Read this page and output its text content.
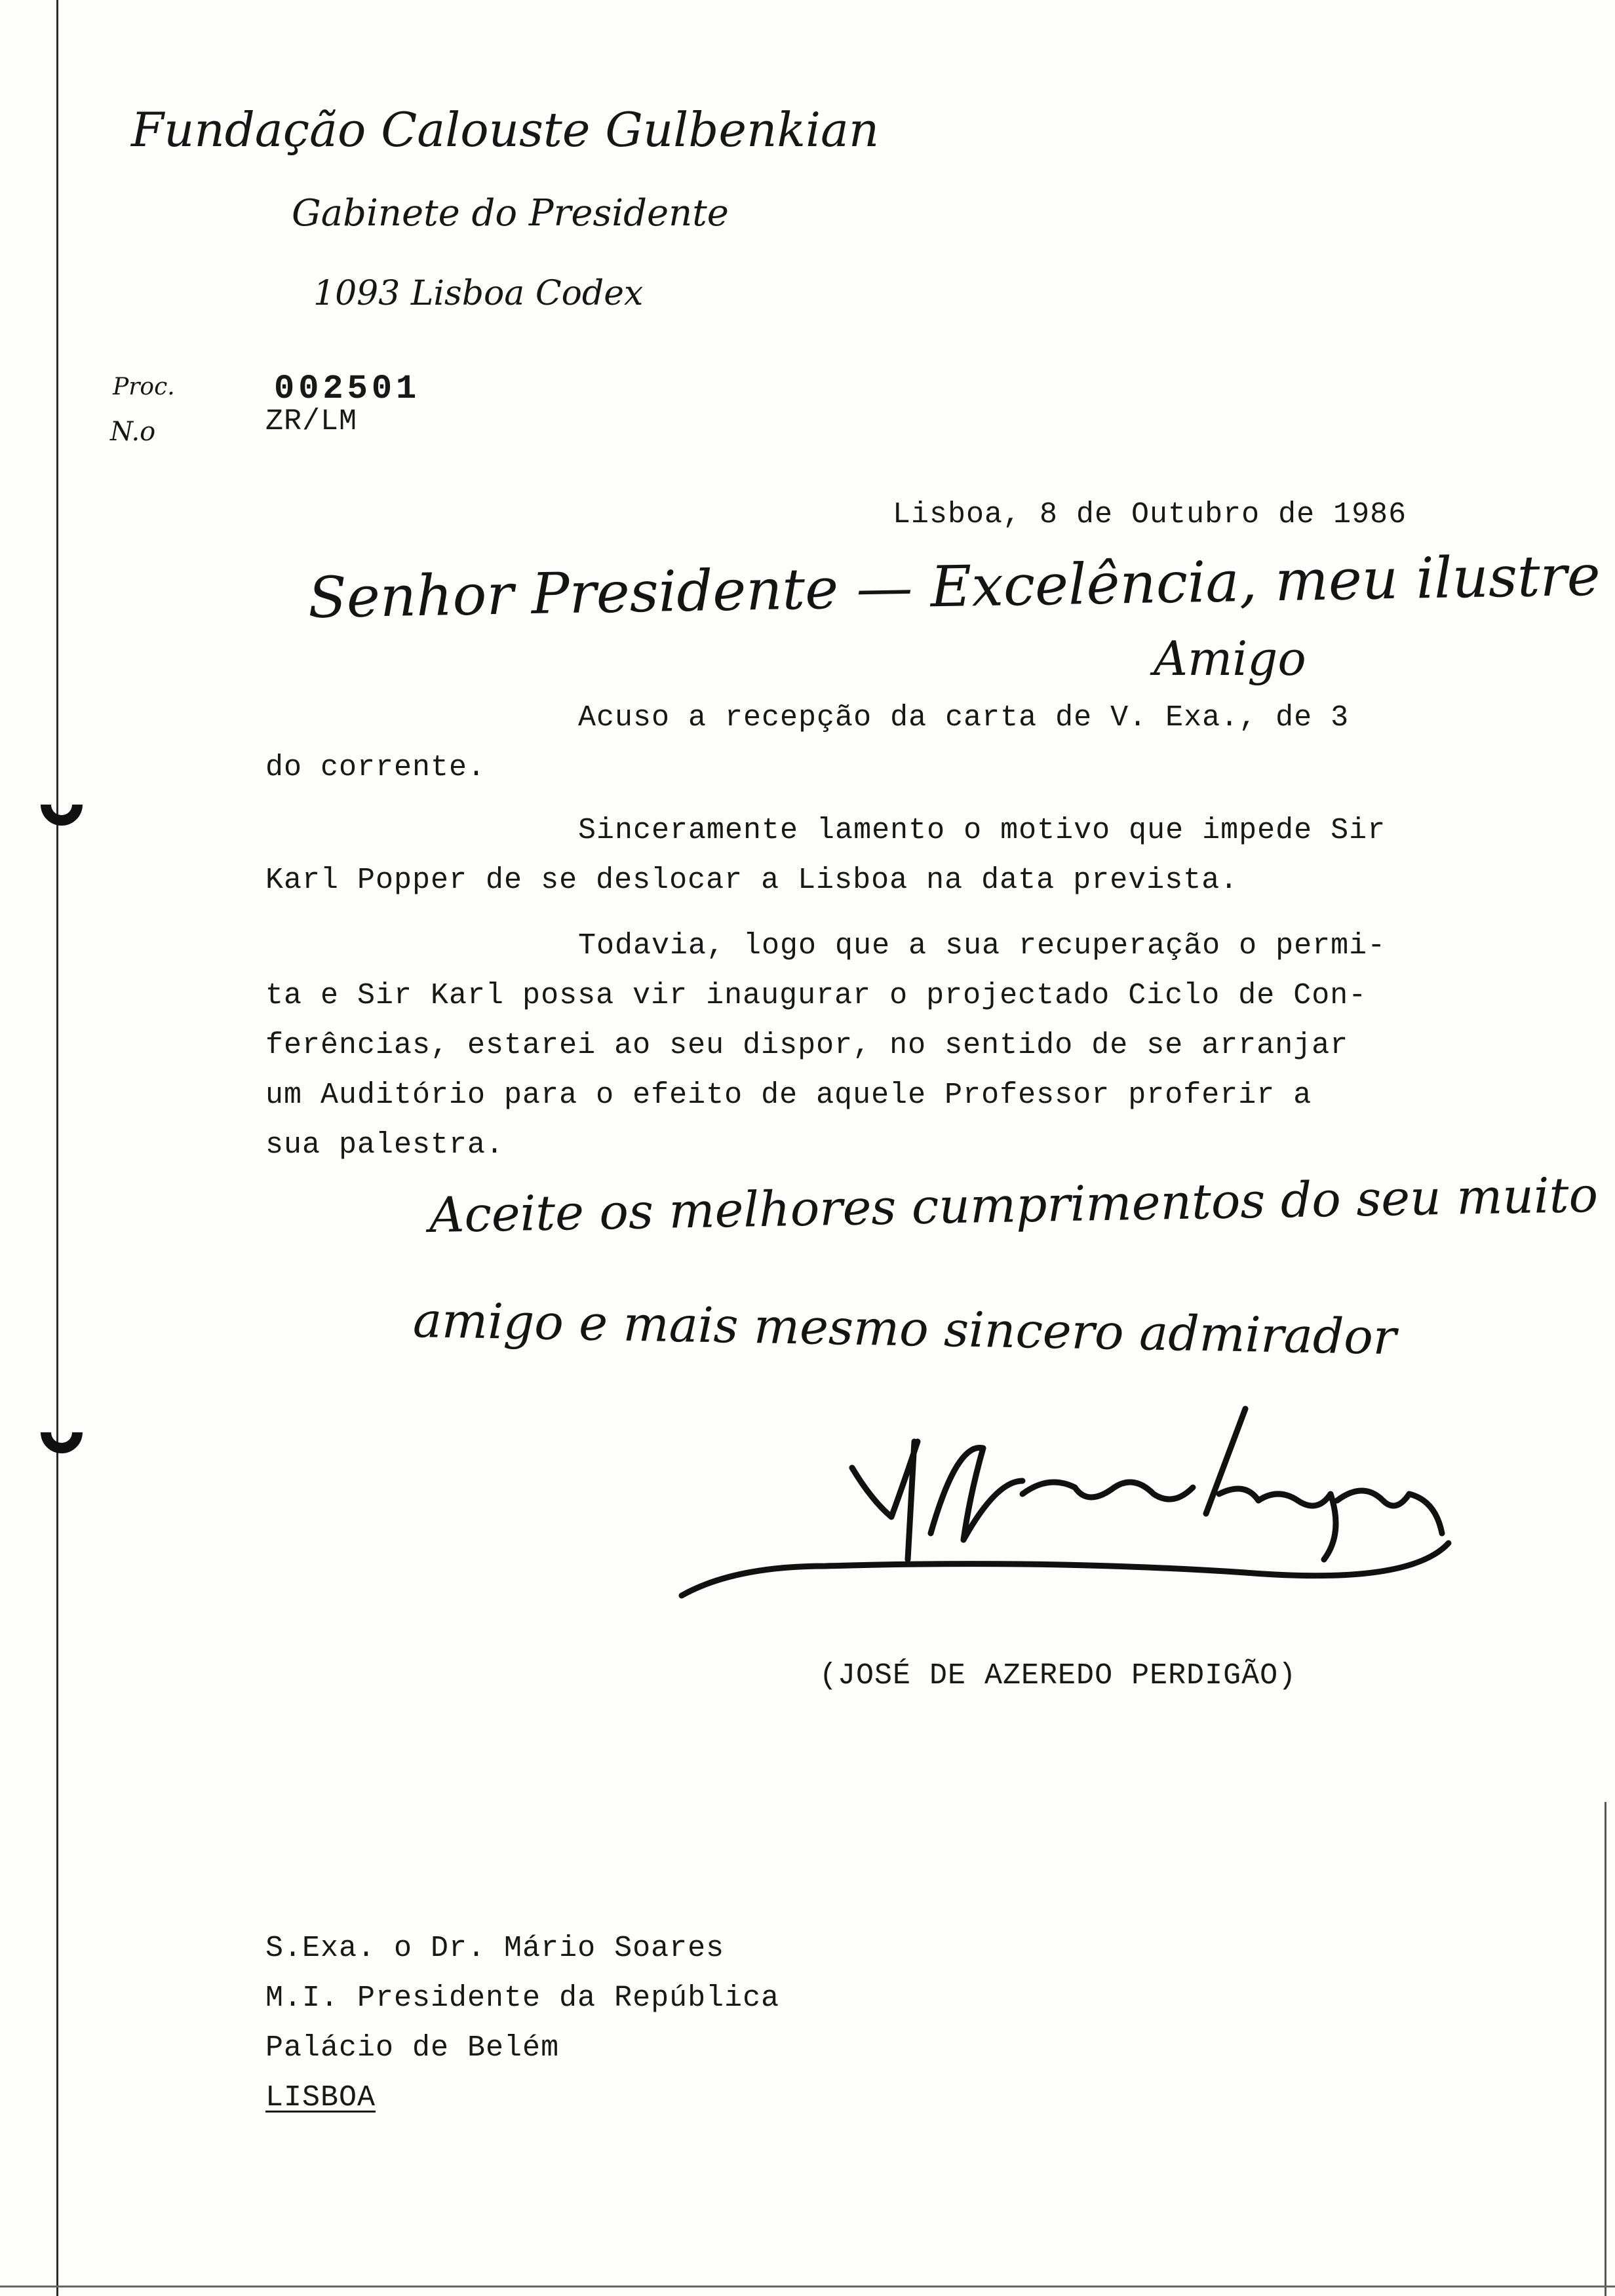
Fundação Calouste Gulbenkian
Gabinete do Presidente
1093 Lisboa Codex
Proc.
N.o
002501
ZR/LM
Lisboa, 8 de Outubro de 1986
Senhor Presidente — Excelência, meu ilustre
Amigo
Acuso a recepção da carta de V. Exa., de 3
do corrente.
Sinceramente lamento o motivo que impede Sir
Karl Popper de se deslocar a Lisboa na data prevista.
Todavia, logo que a sua recuperação o permi-
ta e Sir Karl possa vir inaugurar o projectado Ciclo de Con-
ferências, estarei ao seu dispor, no sentido de se arranjar
um Auditório para o efeito de aquele Professor proferir a
sua palestra.
Aceite os melhores cumprimentos do seu muito
amigo e mais mesmo sincero admirador
(JOSÉ DE AZEREDO PERDIGÃO)
S.Exa. o Dr. Mário Soares
M.I. Presidente da República
Palácio de Belém
LISBOA
